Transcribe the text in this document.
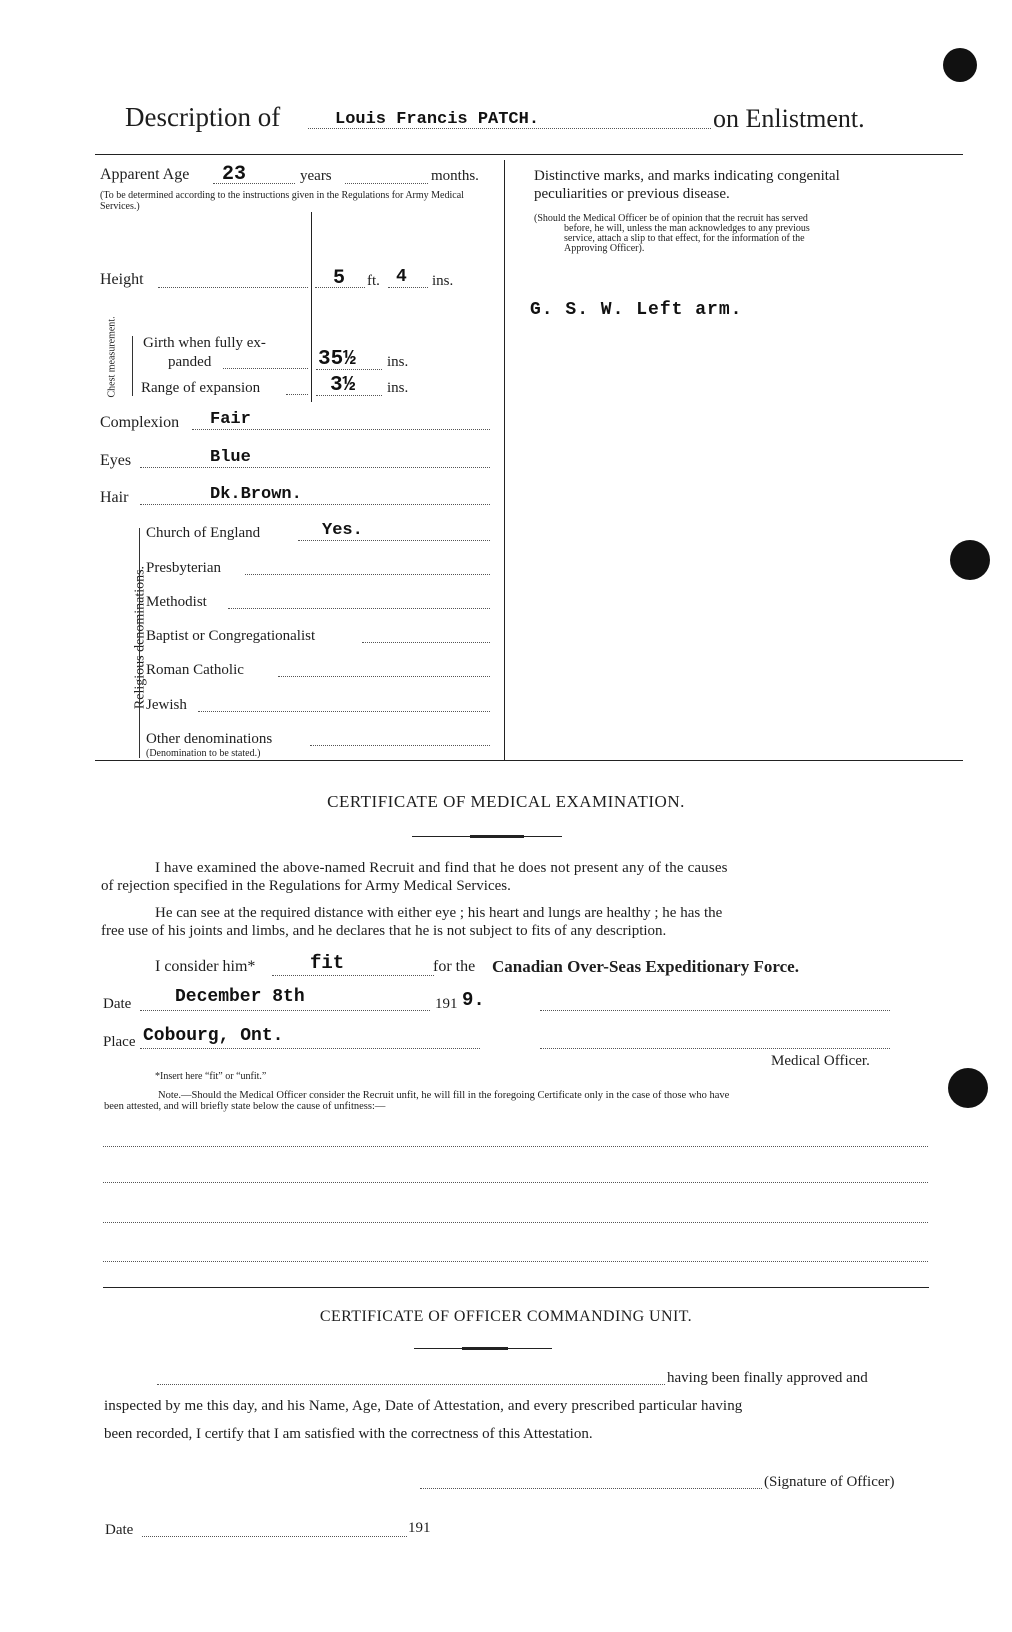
Description of	Louis Francis PATCH.	on Enlistment.
Apparent Age 23	years	months.
(To be determined according to the instructions given in the Regulations for Army Medical Services.)
Height	5 ft. 4 ins.
Chest measurement. Girth when fully ex-
panded	35½ ins.
Range of expansion	3½ ins.
Complexion Fair
Eyes	Blue
Hair	Dk.Brown.
Religious denominations.
Church of England	Yes.
Presbyterian
Methodist
Baptist or Congregationalist
Roman Catholic
Jewish
Other denominations
(Denomination to be stated.)
Distinctive marks, and marks indicating congenital
peculiarities or previous disease.
(Should the Medical Officer be of opinion that the recruit has served
before, he will, unless the man acknowledges to any previous
service, attach a slip to that effect, for the information of the
Approving Officer).
G. S. W. Left arm.
CERTIFICATE OF MEDICAL EXAMINATION.
I have examined the above-named Recruit and find that he does not present any of the causes
of rejection specified in the Regulations for Army Medical Services.
He can see at the required distance with either eye ; his heart and lungs are healthy ; he has the
free use of his joints and limbs, and he declares that he is not subject to fits of any description.
I consider him*	fit	for the Canadian Over-Seas Expeditionary Force.
Date December 8th	191 9.
Place Cobourg, Ont.
Medical Officer.
*Insert here “fit” or “unfit.”
Note.—Should the Medical Officer consider the Recruit unfit, he will fill in the foregoing Certificate only in the case of those who have
been attested, and will briefly state below the cause of unfitness:—
CERTIFICATE OF OFFICER COMMANDING UNIT.
having been finally approved and
inspected by me this day, and his Name, Age, Date of Attestation, and every prescribed particular having
been recorded, I certify that I am satisfied with the correctness of this Attestation.
(Signature of Officer)
Date	191
